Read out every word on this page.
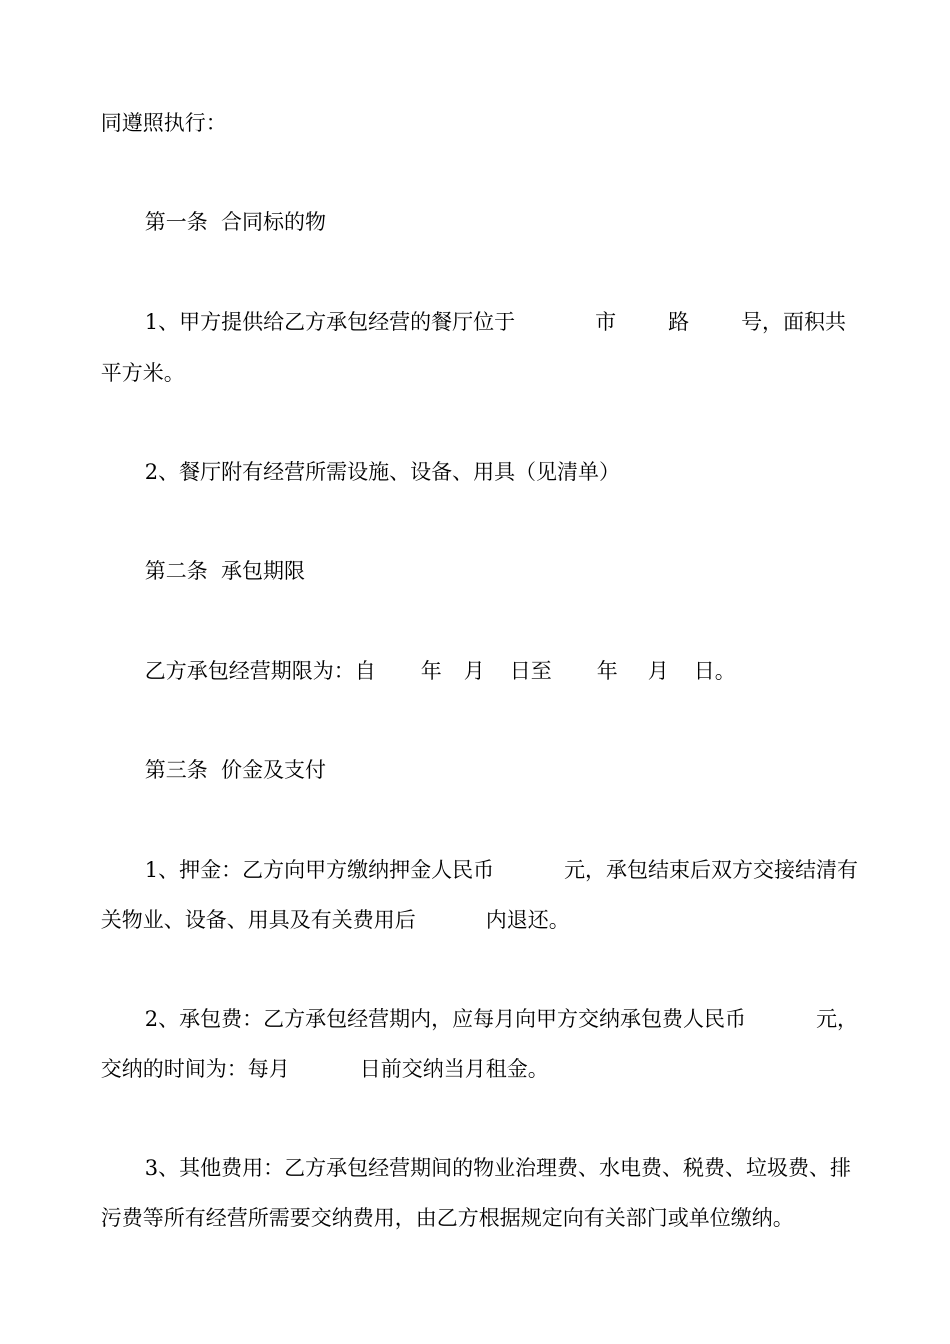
同遵照执行：

第一条  合同标的物

1、甲方提供给乙方承包经营的餐厅位于	市 路 号，面积共

平方米。

2、餐厅附有经营所需设施、设备、用具（见清单）

第二条  承包期限

乙方承包经营期限为：自 年 月 日至 年 月 日。

第三条  价金及支付

1、押金：乙方向甲方缴纳押金人民币	元，承包结束后双方交接结清有

关物业、设备、用具及有关费用后	内退还。

2、承包费：乙方承包经营期内，应每月向甲方交纳承包费人民币	元，

交纳的时间为：每月	日前交纳当月租金。

3、其他费用：乙方承包经营期间的物业治理费、水电费、税费、垃圾费、排

污费等所有经营所需要交纳费用，由乙方根据规定向有关部门或单位缴纳。
